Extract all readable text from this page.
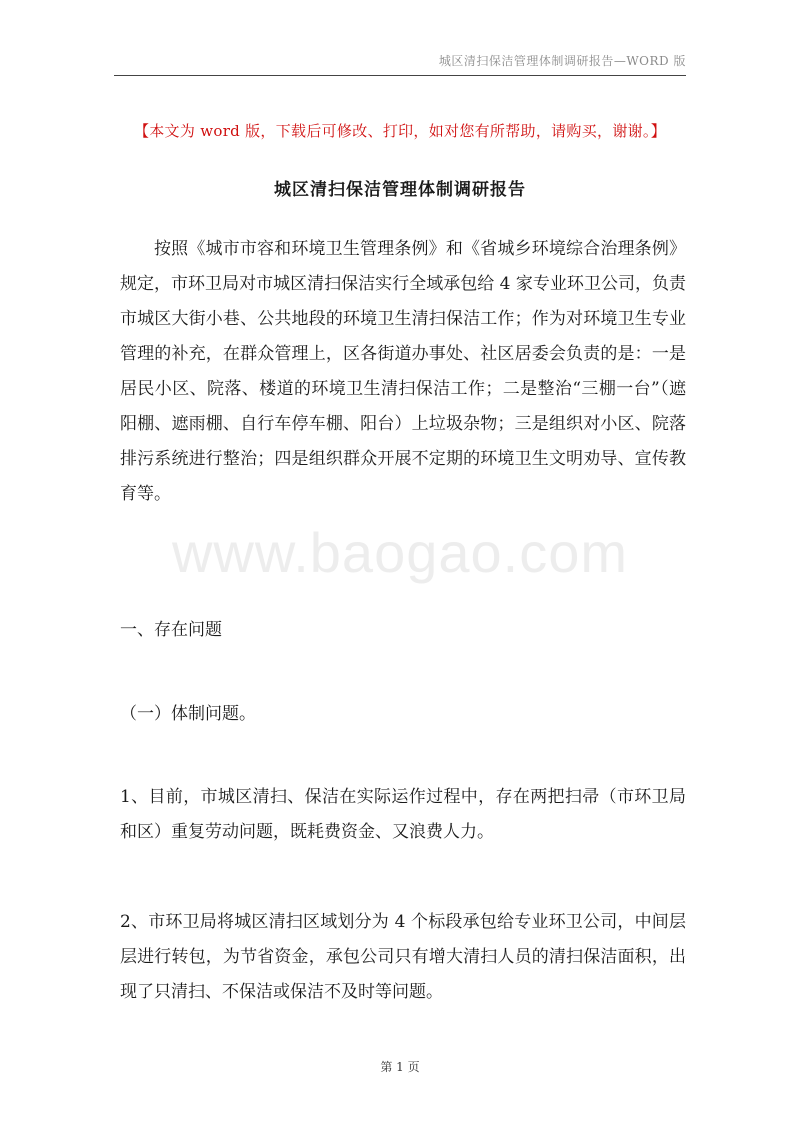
城区清扫保洁管理体制调研报告—WORD 版
【本文为 word 版，下载后可修改、打印，如对您有所帮助，请购买，谢谢。】
城区清扫保洁管理体制调研报告
www.baogao.com
按照《城市市容和环境卫生管理条例》和《省城乡环境综合治理条例》规定，市环卫局对市城区清扫保洁实行全域承包给 4 家专业环卫公司，负责市城区大街小巷、公共地段的环境卫生清扫保洁工作；作为对环境卫生专业管理的补充，在群众管理上，区各街道办事处、社区居委会负责的是：一是居民小区、院落、楼道的环境卫生清扫保洁工作；二是整治“三棚一台”（遮阳棚、遮雨棚、自行车停车棚、阳台）上垃圾杂物；三是组织对小区、院落排污系统进行整治；四是组织群众开展不定期的环境卫生文明劝导、宣传教育等。
一、存在问题
（一）体制问题。
1、目前，市城区清扫、保洁在实际运作过程中，存在两把扫帚（市环卫局和区）重复劳动问题，既耗费资金、又浪费人力。
2、市环卫局将城区清扫区域划分为 4 个标段承包给专业环卫公司，中间层层进行转包，为节省资金，承包公司只有增大清扫人员的清扫保洁面积，出现了只清扫、不保洁或保洁不及时等问题。
第 1 页
